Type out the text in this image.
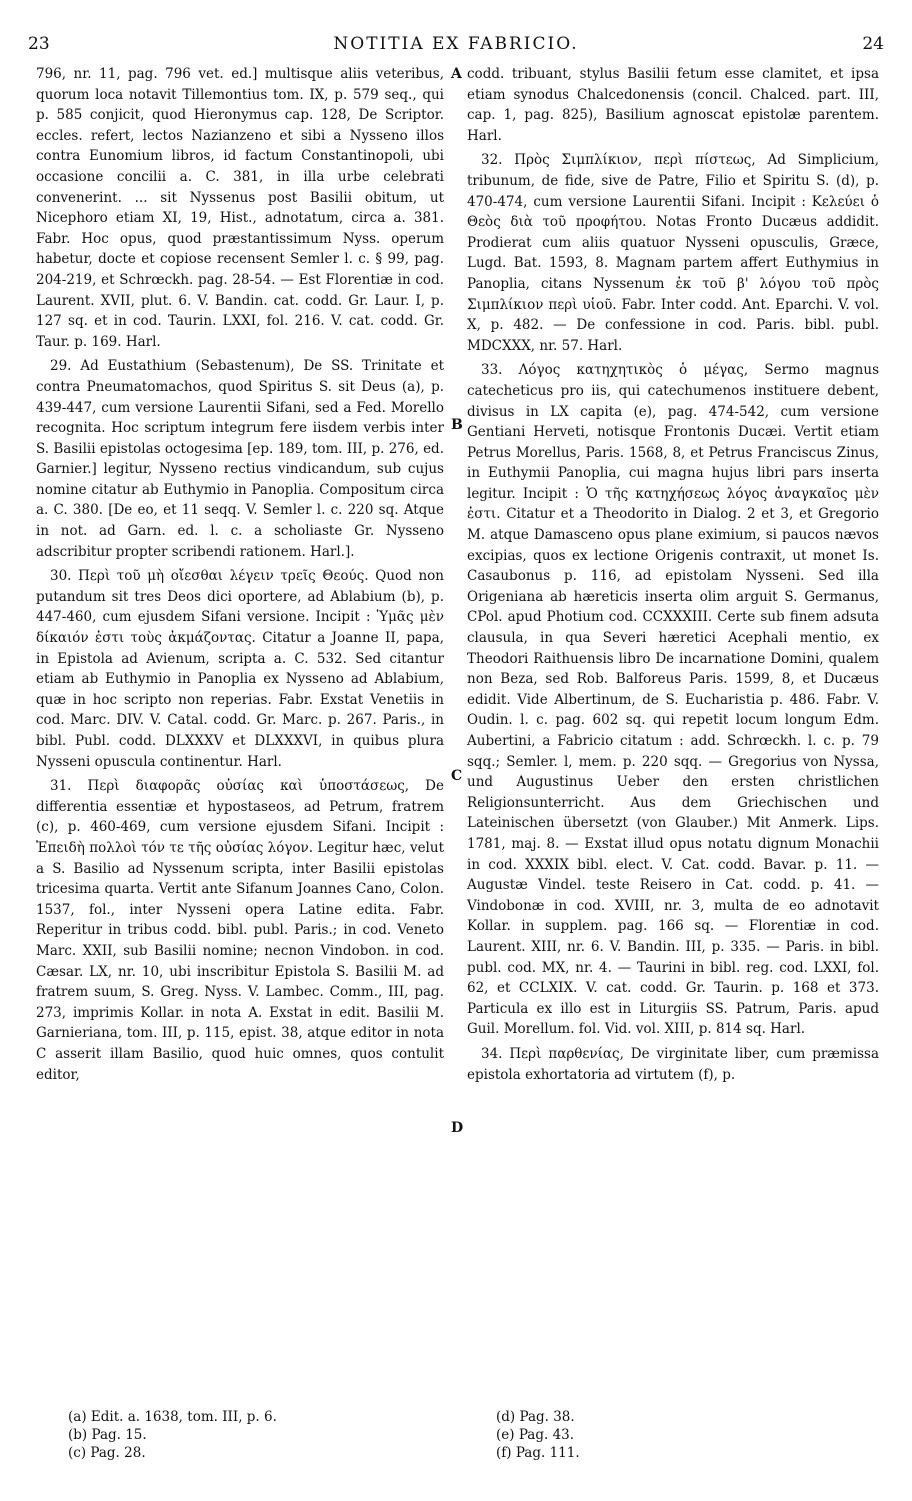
23	NOTITIA EX FABRICIO.	24
A
B
C
D

796, nr. 11, pag. 796 vet. ed.] multisque aliis veteribus, quorum loca notavit Tillemontius tom. IX, p. 579 seq., qui p. 585 conjicit, quod Hieronymus cap. 128, De Scriptor. eccles. refert, lectos Nazianzeno et sibi a Nysseno illos contra Eunomium libros, id factum Constantinopoli, ubi occasione concilii a. C. 381, in illa urbe celebrati convenerint. ... sit Nyssenus post Basilii obitum, ut Nicephoro etiam XI, 19, Hist., adnotatum, circa a. 381. Fabr. Hoc opus, quod præstantissimum Nyss. operum habetur, docte et copiose recensent Semler l. c. § 99, pag. 204-219, et Schrœckh. pag. 28-54. — Est Florentiæ in cod. Laurent. XVII, plut. 6. V. Bandin. cat. codd. Gr. Laur. I, p. 127 sq. et in cod. Taurin. LXXI, fol. 216. V. cat. codd. Gr. Taur. p. 169. Harl.

29. Ad Eustathium (Sebastenum), De SS. Trinitate et contra Pneumatomachos, quod Spiritus S. sit Deus (a), p. 439-447, cum versione Laurentii Sifani, sed a Fed. Morello recognita. Hoc scriptum integrum fere iisdem verbis inter S. Basilii epistolas octogesima [ep. 189, tom. III, p. 276, ed. Garnier.] legitur, Nysseno rectius vindicandum, sub cujus nomine citatur ab Euthymio in Panoplia. Compositum circa a. C. 380. [De eo, et 11 seqq. V. Semler l. c. 220 sq. Atque in not. ad Garn. ed. l. c. a scholiaste Gr. Nysseno adscribitur propter scribendi rationem. Harl.].

30. Περὶ τοῦ μὴ οἴεσθαι λέγειν τρεῖς Θεούς. Quod non putandum sit tres Deos dici oportere, ad Ablabium (b), p. 447-460, cum ejusdem Sifani versione. Incipit : Ὑμᾶς μὲν δίκαιόν ἐστι τοὺς ἀκμάζοντας. Citatur a Joanne II, papa, in Epistola ad Avienum, scripta a. C. 532. Sed citantur etiam ab Euthymio in Panoplia ex Nysseno ad Ablabium, quæ in hoc scripto non reperias. Fabr. Exstat Venetiis in cod. Marc. DIV. V. Catal. codd. Gr. Marc. p. 267. Paris., in bibl. Publ. codd. DLXXXV et DLXXXVI, in quibus plura Nysseni opuscula continentur. Harl.

31. Περὶ διαφορᾶς οὐσίας καὶ ὑποστάσεως, De differentia essentiæ et hypostaseos, ad Petrum, fratrem (c), p. 460-469, cum versione ejusdem Sifani. Incipit : Ἐπειδὴ πολλοὶ τόν τε τῆς οὐσίας λόγον. Legitur hæc, velut a S. Basilio ad Nyssenum scripta, inter Basilii epistolas tricesima quarta. Vertit ante Sifanum Joannes Cano, Colon. 1537, fol., inter Nysseni opera Latine edita. Fabr. Reperitur in tribus codd. bibl. publ. Paris.; in cod. Veneto Marc. XXII, sub Basilii nomine; necnon Vindobon. in cod. Cæsar. LX, nr. 10, ubi inscribitur Epistola S. Basilii M. ad fratrem suum, S. Greg. Nyss. V. Lambec. Comm., III, pag. 273, imprimis Kollar. in nota A. Exstat in edit. Basilii M. Garnieriana, tom. III, p. 115, epist. 38, atque editor in nota C asserit illam Basilio, quod huic omnes, quos contulit editor,

codd. tribuant, stylus Basilii fetum esse clamitet, et ipsa etiam synodus Chalcedonensis (concil. Chalced. part. III, cap. 1, pag. 825), Basilium agnoscat epistolæ parentem. Harl.

32. Πρὸς Σιμπλίκιον, περὶ πίστεως, Ad Simplicium, tribunum, de fide, sive de Patre, Filio et Spiritu S. (d), p. 470-474, cum versione Laurentii Sifani. Incipit : Κελεύει ὁ Θεὸς διὰ τοῦ προφήτου. Notas Fronto Ducæus addidit. Prodierat cum aliis quatuor Nysseni opusculis, Græce, Lugd. Bat. 1593, 8. Magnam partem affert Euthymius in Panoplia, citans Nyssenum ἐκ τοῦ β' λόγου τοῦ πρὸς Σιμπλίκιον περὶ υἱοῦ. Fabr. Inter codd. Ant. Eparchi. V. vol. X, p. 482. — De confessione in cod. Paris. bibl. publ. MDCXXX, nr. 57. Harl.

33. Λόγος κατηχητικὸς ὁ μέγας, Sermo magnus catecheticus pro iis, qui catechumenos instituere debent, divisus in LX capita (e), pag. 474-542, cum versione Gentiani Herveti, notisque Frontonis Ducæi. Vertit etiam Petrus Morellus, Paris. 1568, 8, et Petrus Franciscus Zinus, in Euthymii Panoplia, cui magna hujus libri pars inserta legitur. Incipit : Ὁ τῆς κατηχήσεως λόγος ἀναγκαῖος μὲν ἐστι. Citatur et a Theodorito in Dialog. 2 et 3, et Gregorio M. atque Damasceno opus plane eximium, si paucos nævos excipias, quos ex lectione Origenis contraxit, ut monet Is. Casaubonus p. 116, ad epistolam Nysseni. Sed illa Origeniana ab hæreticis inserta olim arguit S. Germanus, CPol. apud Photium cod. CCXXXIII. Certe sub finem adsuta clausula, in qua Severi hæretici Acephali mentio, ex Theodori Raithuensis libro De incarnatione Domini, qualem non Beza, sed Rob. Balforeus Paris. 1599, 8, et Ducæus edidit. Vide Albertinum, de S. Eucharistia p. 486. Fabr. V. Oudin. l. c. pag. 602 sq. qui repetit locum longum Edm. Aubertini, a Fabricio citatum : add. Schrœckh. l. c. p. 79 sqq.; Semler. l, mem. p. 220 sqq. — Gregorius von Nyssa, und Augustinus Ueber den ersten christlichen Religionsunterricht. Aus dem Griechischen und Lateinischen übersetzt (von Glauber.) Mit Anmerk. Lips. 1781, maj. 8. — Exstat illud opus notatu dignum Monachii in cod. XXXIX bibl. elect. V. Cat. codd. Bavar. p. 11. — Augustæ Vindel. teste Reisero in Cat. codd. p. 41. — Vindobonæ in cod. XVIII, nr. 3, multa de eo adnotavit Kollar. in supplem. pag. 166 sq. — Florentiæ in cod. Laurent. XIII, nr. 6. V. Bandin. III, p. 335. — Paris. in bibl. publ. cod. MX, nr. 4. — Taurini in bibl. reg. cod. LXXI, fol. 62, et CCLXIX. V. cat. codd. Gr. Taurin. p. 168 et 373. Particula ex illo est in Liturgiis SS. Patrum, Paris. apud Guil. Morellum. fol. Vid. vol. XIII, p. 814 sq. Harl.

34. Περὶ παρθενίας, De virginitate liber, cum præmissa epistola exhortatoria ad virtutem (f), p.

(a) Edit. a. 1638, tom. III, p. 6.
(b) Pag. 15.
(c) Pag. 28.
(d) Pag. 38.
(e) Pag. 43.
(f) Pag. 111.
